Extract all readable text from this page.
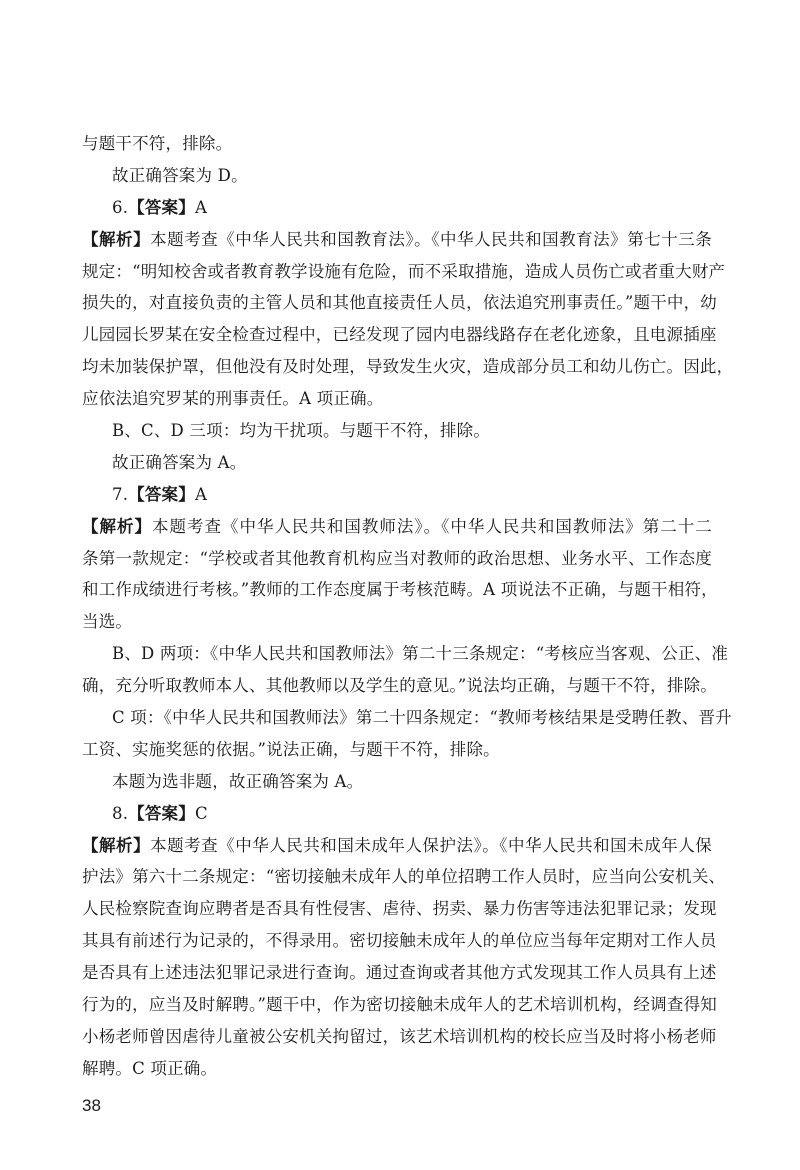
与题干不符，排除。
故正确答案为 D。
6.【答案】A
【解析】本题考查《中华人民共和国教育法》。《中华人民共和国教育法》第七十三条
规定：“明知校舍或者教育教学设施有危险，而不采取措施，造成人员伤亡或者重大财产
损失的，对直接负责的主管人员和其他直接责任人员，依法追究刑事责任。”题干中，幼
儿园园长罗某在安全检查过程中，已经发现了园内电器线路存在老化迹象，且电源插座
均未加装保护罩，但他没有及时处理，导致发生火灾，造成部分员工和幼儿伤亡。因此，
应依法追究罗某的刑事责任。A 项正确。
B、C、D 三项：均为干扰项。与题干不符，排除。
故正确答案为 A。
7.【答案】A
【解析】本题考查《中华人民共和国教师法》。《中华人民共和国教师法》第二十二
条第一款规定：“学校或者其他教育机构应当对教师的政治思想、业务水平、工作态度
和工作成绩进行考核。”教师的工作态度属于考核范畴。A 项说法不正确，与题干相符，
当选。
B、D 两项：《中华人民共和国教师法》第二十三条规定：“考核应当客观、公正、准
确，充分听取教师本人、其他教师以及学生的意见。”说法均正确，与题干不符，排除。
C 项：《中华人民共和国教师法》第二十四条规定：“教师考核结果是受聘任教、晋升
工资、实施奖惩的依据。”说法正确，与题干不符，排除。
本题为选非题，故正确答案为 A。
8.【答案】C
【解析】本题考查《中华人民共和国未成年人保护法》。《中华人民共和国未成年人保
护法》第六十二条规定：“密切接触未成年人的单位招聘工作人员时，应当向公安机关、
人民检察院查询应聘者是否具有性侵害、虐待、拐卖、暴力伤害等违法犯罪记录；发现
其具有前述行为记录的，不得录用。密切接触未成年人的单位应当每年定期对工作人员
是否具有上述违法犯罪记录进行查询。通过查询或者其他方式发现其工作人员具有上述
行为的，应当及时解聘。”题干中，作为密切接触未成年人的艺术培训机构，经调查得知
小杨老师曾因虐待儿童被公安机关拘留过，该艺术培训机构的校长应当及时将小杨老师
解聘。C 项正确。
38
